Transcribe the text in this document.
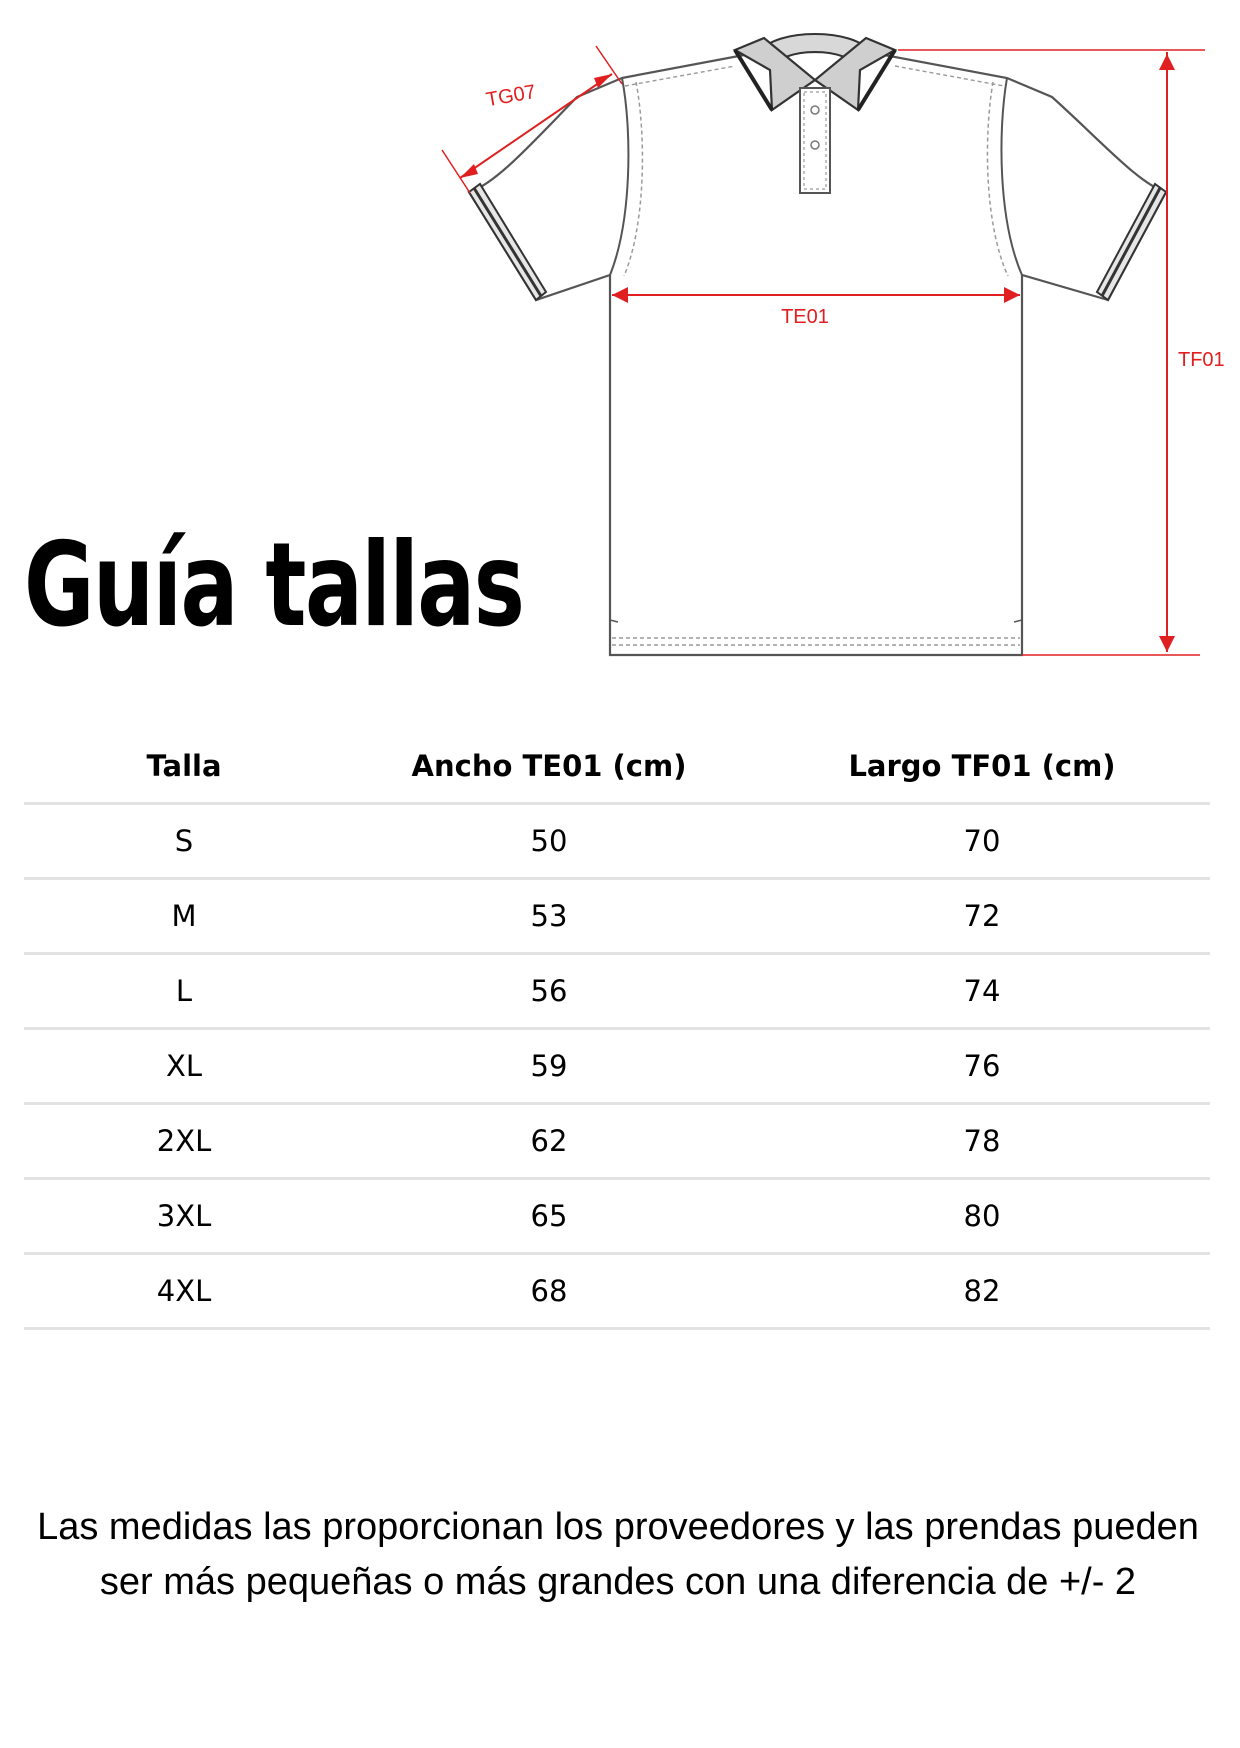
TG07
TE01
TF01
Guía tallas
Talla	Ancho TE01 (cm)	Largo TF01 (cm)
S	50	70
M	53	72
L	56	74
XL	59	76
2XL	62	78
3XL	65	80
4XL	68	82
Las medidas las proporcionan los proveedores y las prendas pueden ser más pequeñas o más grandes con una diferencia de +/- 2
